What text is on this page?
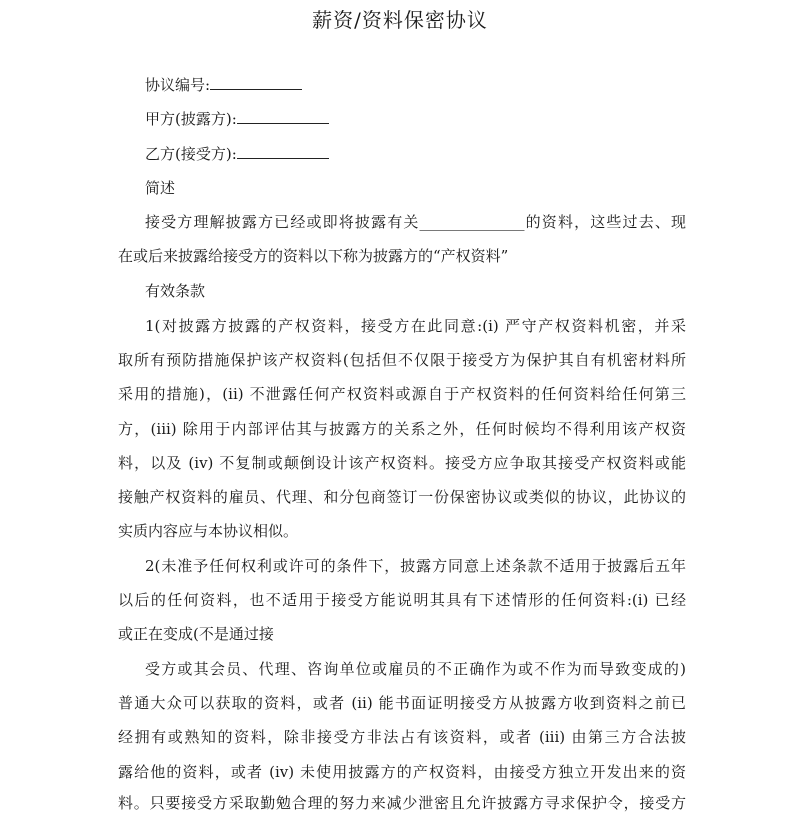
薪资/资料保密协议
协议编号:
甲方(披露方):
乙方(接受方):
简述
接受方理解披露方已经或即将披露有关______________的资料，这些过去、现
在或后来披露给接受方的资料以下称为披露方的“产权资料”
有效条款
1(对披露方披露的产权资料，接受方在此同意:(i) 严守产权资料机密，并采
取所有预防措施保护该产权资料(包括但不仅限于接受方为保护其自有机密材料所
采用的措施)，(ii) 不泄露任何产权资料或源自于产权资料的任何资料给任何第三
方，(iii) 除用于内部评估其与披露方的关系之外，任何时候均不得利用该产权资
料，以及 (iv) 不复制或颠倒设计该产权资料。接受方应争取其接受产权资料或能
接触产权资料的雇员、代理、和分包商签订一份保密协议或类似的协议，此协议的
实质内容应与本协议相似。
2(未准予任何权利或许可的条件下，披露方同意上述条款不适用于披露后五年
以后的任何资料，也不适用于接受方能说明其具有下述情形的任何资料:(i) 已经
或正在变成(不是通过接
受方或其会员、代理、咨询单位或雇员的不正确作为或不作为而导致变成的)
普通大众可以获取的资料，或者 (ii) 能书面证明接受方从披露方收到资料之前已
经拥有或熟知的资料，除非接受方非法占有该资料，或者 (iii) 由第三方合法披
露给他的资料，或者 (iv) 未使用披露方的产权资料，由接受方独立开发出来的资
料。只要接受方采取勤勉合理的努力来减少泄密且允许披露方寻求保护令，接受方
